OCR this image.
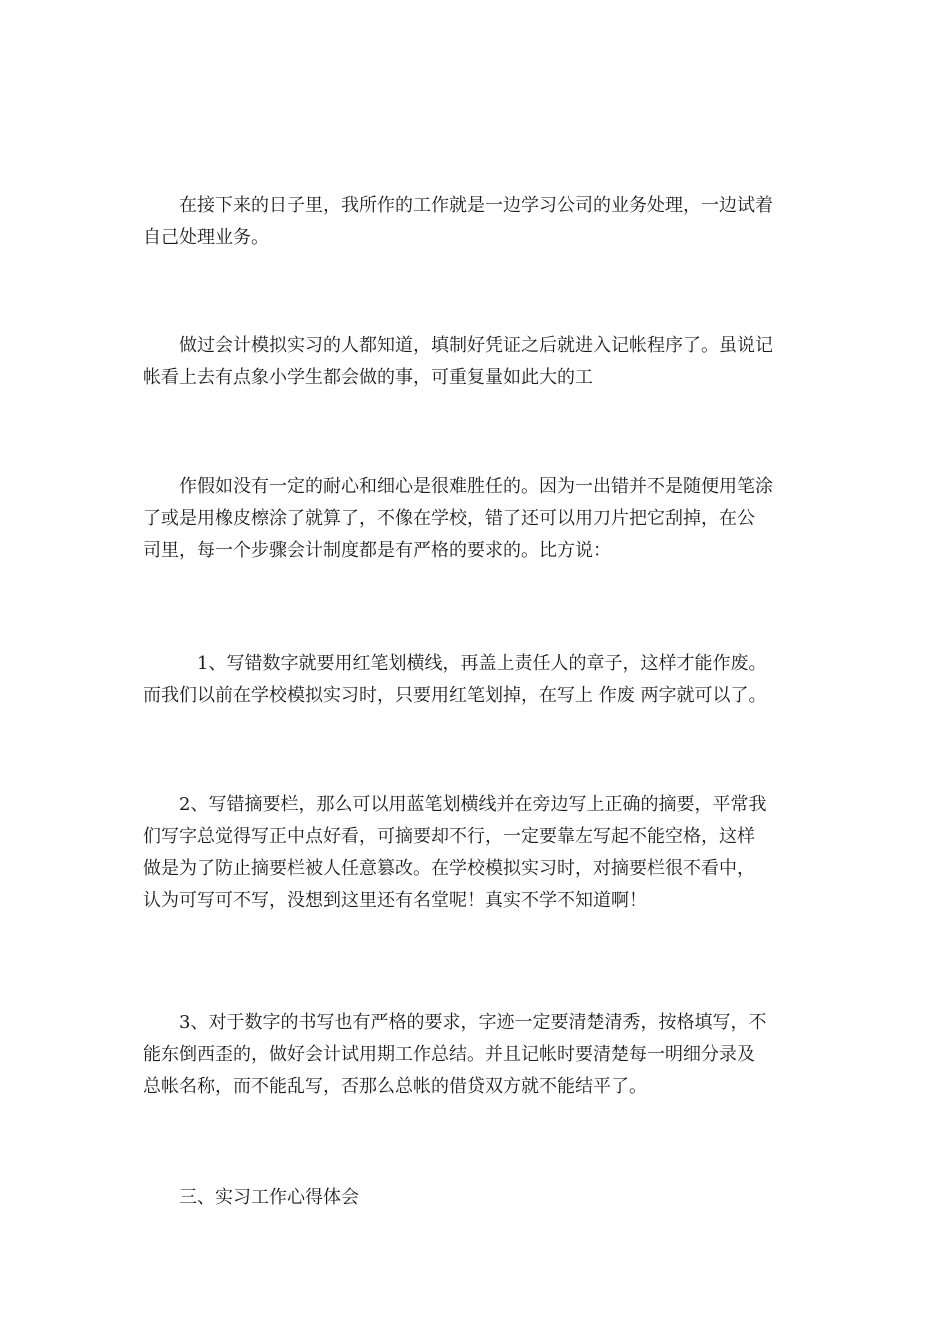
　　在接下来的日子里，我所作的工作就是一边学习公司的业务处理，一边试着
自己处理业务。
　　做过会计模拟实习的人都知道，填制好凭证之后就进入记帐程序了。虽说记
帐看上去有点象小学生都会做的事，可重复量如此大的工
　　作假如没有一定的耐心和细心是很难胜任的。因为一出错并不是随便用笔涂
了或是用橡皮檫涂了就算了，不像在学校，错了还可以用刀片把它刮掉，在公
司里，每一个步骤会计制度都是有严格的要求的。比方说：
　　　1、写错数字就要用红笔划横线，再盖上责任人的章子，这样才能作废。
而我们以前在学校模拟实习时，只要用红笔划掉，在写上 作废 两字就可以了。
　　2、写错摘要栏，那么可以用蓝笔划横线并在旁边写上正确的摘要，平常我
们写字总觉得写正中点好看，可摘要却不行，一定要靠左写起不能空格，这样
做是为了防止摘要栏被人任意篡改。在学校模拟实习时，对摘要栏很不看中，
认为可写可不写，没想到这里还有名堂呢！真实不学不知道啊！
　　3、对于数字的书写也有严格的要求，字迹一定要清楚清秀，按格填写，不
能东倒西歪的，做好会计试用期工作总结。并且记帐时要清楚每一明细分录及
总帐名称，而不能乱写，否那么总帐的借贷双方就不能结平了。
　　三、实习工作心得体会
